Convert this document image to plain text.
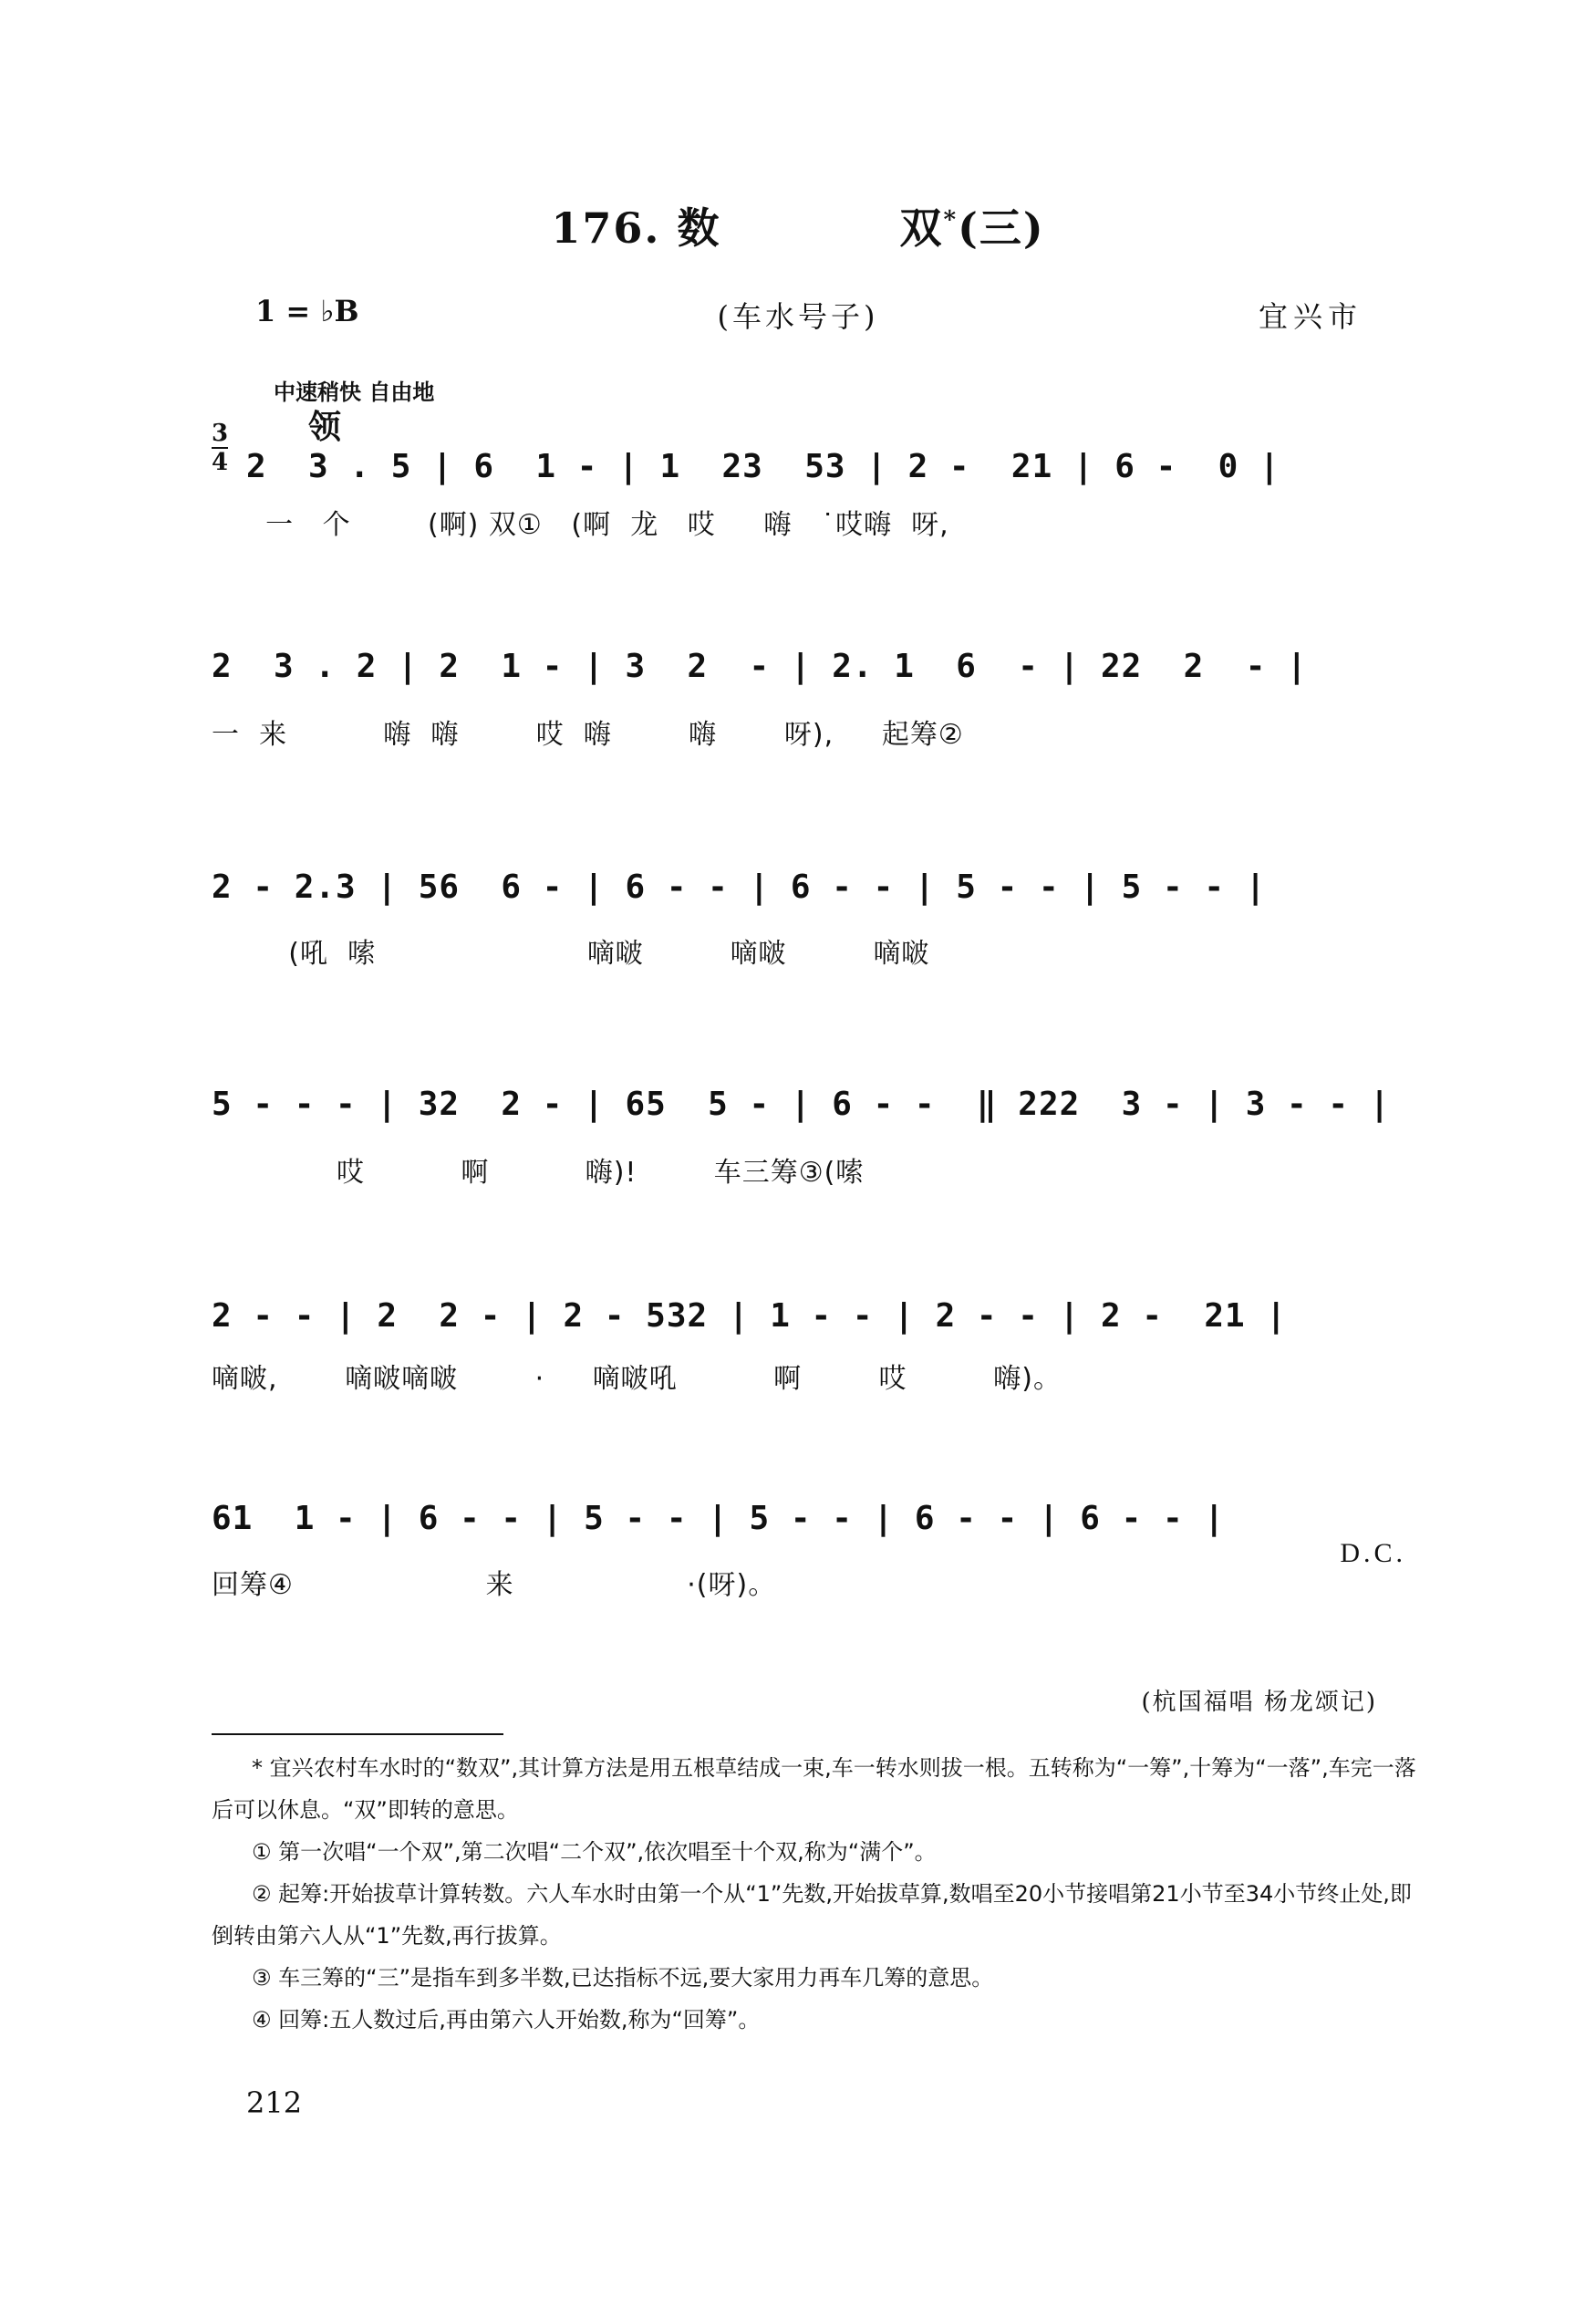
176. 数	双*(三)
1 = ♭B	(车水号子)	宜兴市
中速稍快 自由地
3
4
领
2  3 . 5 | 6  1 - | 1  23  53 | 2 -  21 | 6 -  0 |
一   个        (啊) 双①   (啊  龙   哎     嗨   ˙哎嗨  呀,
2  3 . 2 | 2  1 - | 3  2  - | 2. 1  6  - | 22  2  - |
一  来          嗨  嗨        哎  嗨        嗨       呀),     起筹②
2 - 2.3 | 56  6 - | 6 - - | 6 - - | 5 - - | 5 - - |
(吼  嗦                      嘀啵         嘀啵         嘀啵
5 - - - | 32  2 - | 65  5 - | 6 - -  ‖ 222  3 - | 3 - - |
哎          啊          嗨)!        车三筹③(嗦
2 - - | 2  2 - | 2 - 532 | 1 - - | 2 - - | 2 -  21 |
嘀啵,       嘀啵嘀啵        ·     嘀啵吼          啊        哎         嗨)。
61  1 - | 6 - - | 5 - - | 5 - - | 6 - - | 6 - - |
回筹④                    来                  ·(呀)。
D.C.
(杭国福唱 杨龙颂记)

* 宜兴农村车水时的“数双”,其计算方法是用五根草结成一束,车一转水则拔一根。五转称为“一筹”,十筹为“一落”,车完一落后可以休息。“双”即转的意思。

① 第一次唱“一个双”,第二次唱“二个双”,依次唱至十个双,称为“满个”。

② 起筹:开始拔草计算转数。六人车水时由第一个从“1”先数,开始拔草算,数唱至20小节接唱第21小节至34小节终止处,即倒转由第六人从“1”先数,再行拔算。

③ 车三筹的“三”是指车到多半数,已达指标不远,要大家用力再车几筹的意思。

④ 回筹:五人数过后,再由第六人开始数,称为“回筹”。

212
